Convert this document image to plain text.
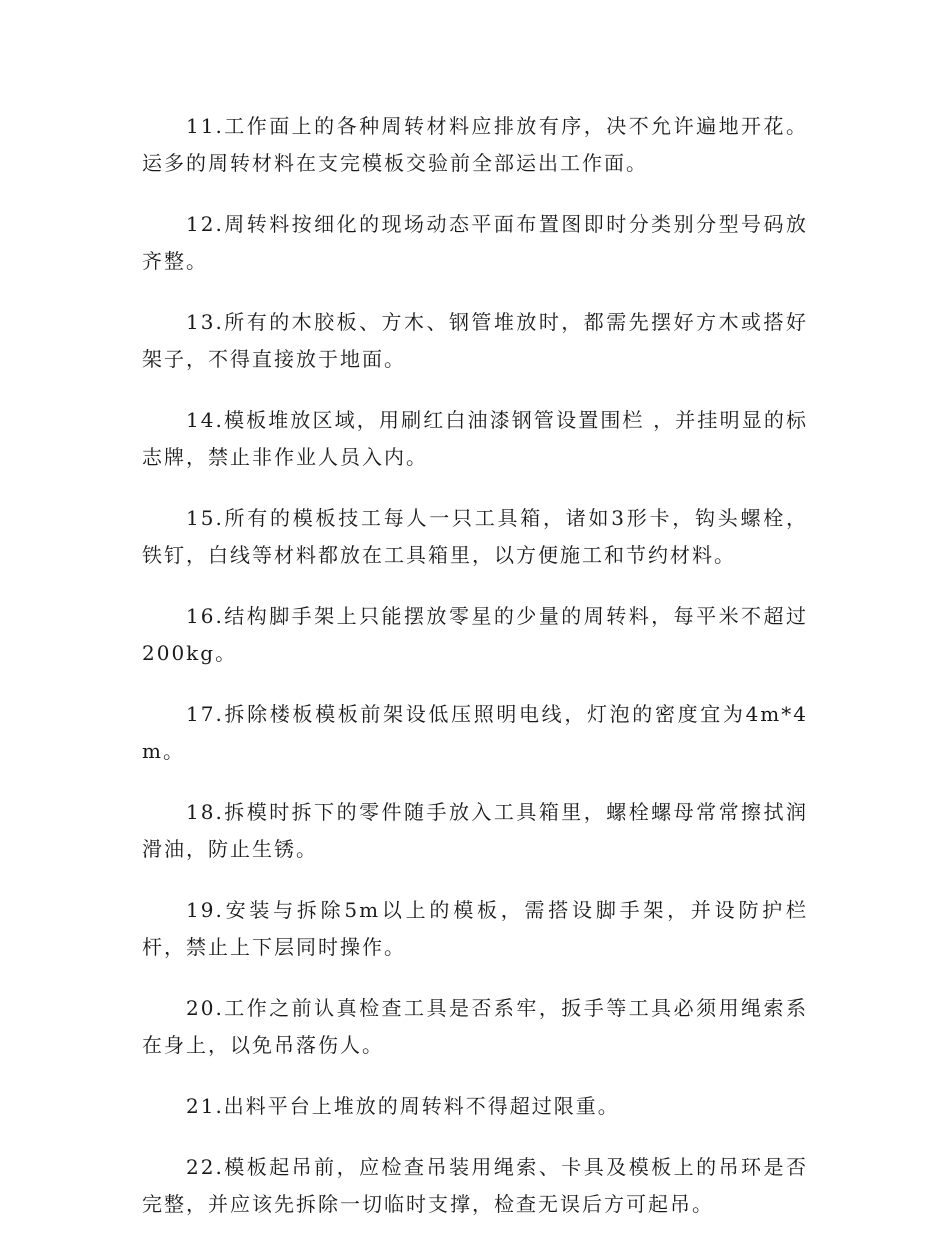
11.工作面上的各种周转材料应排放有序，决不允许遍地开花。运多的周转材料在支完模板交验前全部运出工作面。

12.周转料按细化的现场动态平面布置图即时分类别分型号码放齐整。

13.所有的木胶板、方木、钢管堆放时，都需先摆好方木或搭好架子，不得直接放于地面。

14.模板堆放区域，用刷红白油漆钢管设置围栏 ，并挂明显的标志牌，禁止非作业人员入内。

15.所有的模板技工每人一只工具箱，诸如3形卡，钩头螺栓，铁钉，白线等材料都放在工具箱里，以方便施工和节约材料。

16.结构脚手架上只能摆放零星的少量的周转料，每平米不超过200kg。

17.拆除楼板模板前架设低压照明电线，灯泡的密度宜为4m*4m。

18.拆模时拆下的零件随手放入工具箱里，螺栓螺母常常擦拭润滑油，防止生锈。

19.安装与拆除5m以上的模板，需搭设脚手架，并设防护栏杆，禁止上下层同时操作。

20.工作之前认真检查工具是否系牢，扳手等工具必须用绳索系在身上，以免吊落伤人。

21.出料平台上堆放的周转料不得超过限重。

22.模板起吊前，应检查吊装用绳索、卡具及模板上的吊环是否完整，并应该先拆除一切临时支撑，检查无误后方可起吊。
